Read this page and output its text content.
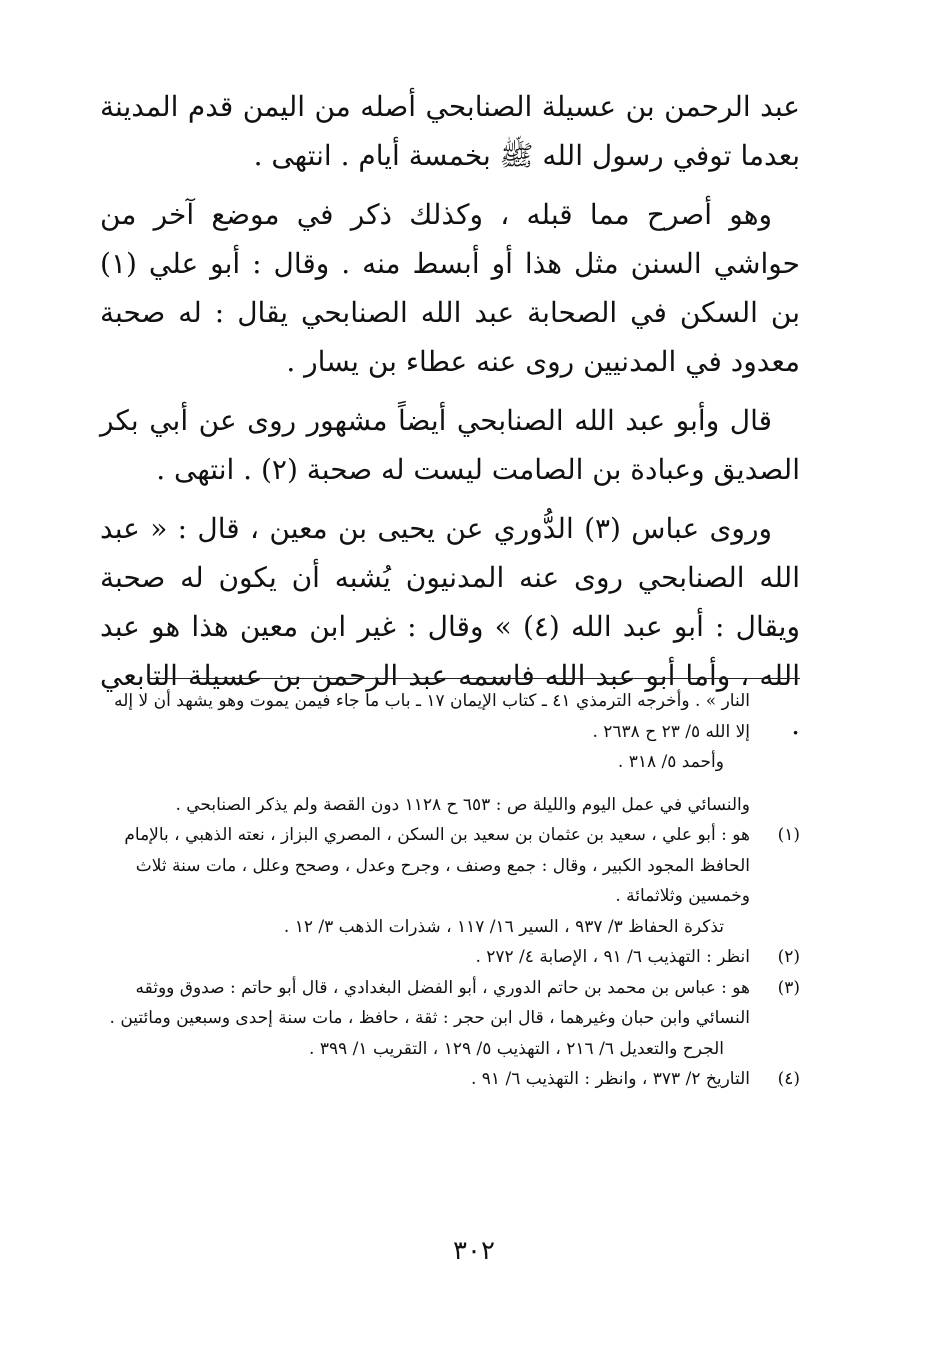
عبد الرحمن بن عسيلة الصنابحي أصله من اليمن قدم المدينة بعدما توفي رسول الله ﷺ بخمسة أيام . انتهى .

وهو أصرح مما قبله ، وكذلك ذكر في موضع آخر من حواشي السنن مثل هذا أو أبسط منه . وقال : أبو علي (١) بن السكن في الصحابة عبد الله الصنابحي يقال : له صحبة معدود في المدنيين روى عنه عطاء بن يسار .

قال وأبو عبد الله الصنابحي أيضاً مشهور روى عن أبي بكر الصديق وعبادة بن الصامت ليست له صحبة (٢) . انتهى .

وروى عباس (٣) الدُّوري عن يحيى بن معين ، قال : « عبد الله الصنابحي روى عنه المدنيون يُشبه أن يكون له صحبة ويقال : أبو عبد الله (٤) » وقال : غير ابن معين هذا هو عبد الله ، وأما أبو عبد الله فاسمه عبد الرحمن بن عسيلة التابعي .

النار » . وأخرجه الترمذي ٤١ ـ كتاب الإيمان ١٧ ـ باب ما جاء فيمن يموت وهو يشهد أن لا إله إلا الله ٥/ ٢٣ ح ٢٦٣٨ .

وأحمد ٥/ ٣١٨ .

والنسائي في عمل اليوم والليلة ص : ٦٥٣ ح ١١٢٨ دون القصة ولم يذكر الصنابحي .

(١)

هو : أبو علي ، سعيد بن عثمان بن سعيد بن السكن ، المصري البزاز ، نعته الذهبي ، بالإمام الحافظ المجود الكبير ، وقال : جمع وصنف ، وجرح وعدل ، وصحح وعلل ، مات سنة ثلاث وخمسين وثلاثمائة .

تذكرة الحفاظ ٣/ ٩٣٧ ، السير ١٦/ ١١٧ ، شذرات الذهب ٣/ ١٢ .

(٢)

انظر : التهذيب ٦/ ٩١ ، الإصابة ٤/ ٢٧٢ .

(٣)

هو : عباس بن محمد بن حاتم الدوري ، أبو الفضل البغدادي ، قال أبو حاتم : صدوق ووثقه النسائي وابن حبان وغيرهما ، قال ابن حجر : ثقة ، حافظ ، مات سنة إحدى وسبعين ومائتين .

الجرح والتعديل ٦/ ٢١٦ ، التهذيب ٥/ ١٢٩ ، التقريب ١/ ٣٩٩ .

(٤)

التاريخ ٢/ ٣٧٣ ، وانظر : التهذيب ٦/ ٩١ .

٣٠٢
